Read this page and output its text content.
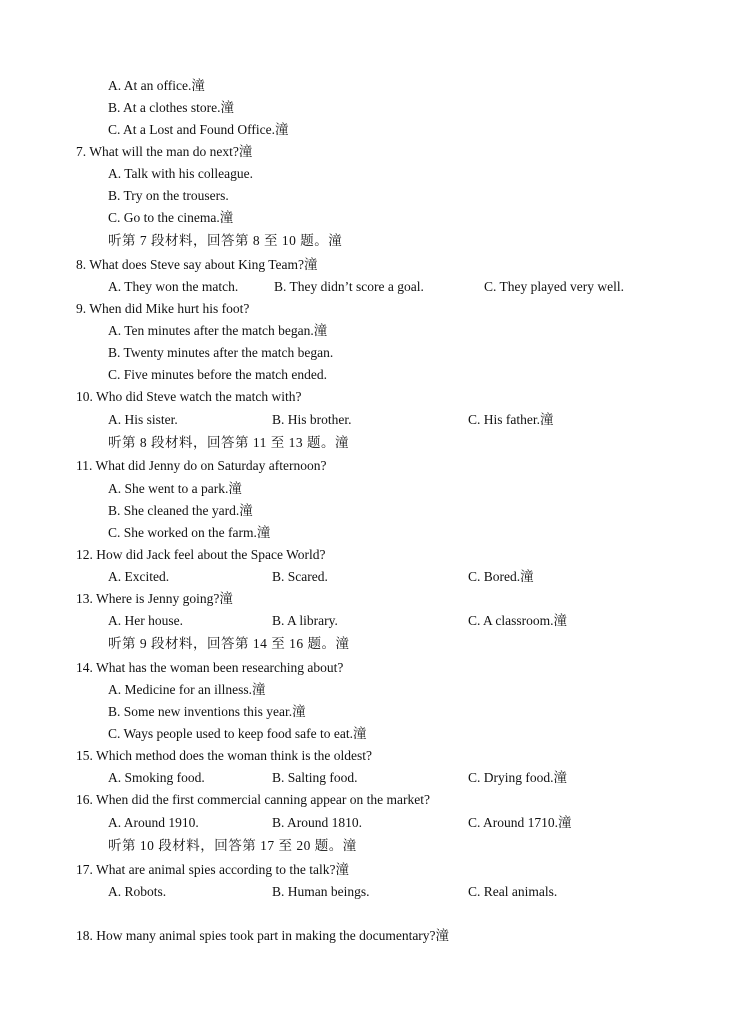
A. At an office.潼
B. At a clothes store.潼
C. At a Lost and Found Office.潼
7. What will the man do next?潼
A. Talk with his colleague.
B. Try on the trousers.
C. Go to the cinema.潼
听第 7 段材料，回答第 8 至 10 题。潼
8. What does Steve say about King Team?潼
A. They won the match.	B. They didn’t score a goal.	C. They played very well.
9. When did Mike hurt his foot?
A. Ten minutes after the match began.潼
B. Twenty minutes after the match began.
C. Five minutes before the match ended.
10. Who did Steve watch the match with?
A. His sister.	B. His brother.	C. His father.潼
听第 8 段材料，回答第 11 至 13 题。潼
11. What did Jenny do on Saturday afternoon?
A. She went to a park.潼
B. She cleaned the yard.潼
C. She worked on the farm.潼
12. How did Jack feel about the Space World?
A. Excited.	B. Scared.	C. Bored.潼
13. Where is Jenny going?潼
A. Her house.	B. A library.	C. A classroom.潼
听第 9 段材料，回答第 14 至 16 题。潼
14. What has the woman been researching about?
A. Medicine for an illness.潼
B. Some new inventions this year.潼
C. Ways people used to keep food safe to eat.潼
15. Which method does the woman think is the oldest?
A. Smoking food.	B. Salting food.	C. Drying food.潼
16. When did the first commercial canning appear on the market?
A. Around 1910.	B. Around 1810.	C. Around 1710.潼
听第 10 段材料，回答第 17 至 20 题。潼
17. What are animal spies according to the talk?潼
A. Robots.	B. Human beings.	C. Real animals.
18. How many animal spies took part in making the documentary?潼
